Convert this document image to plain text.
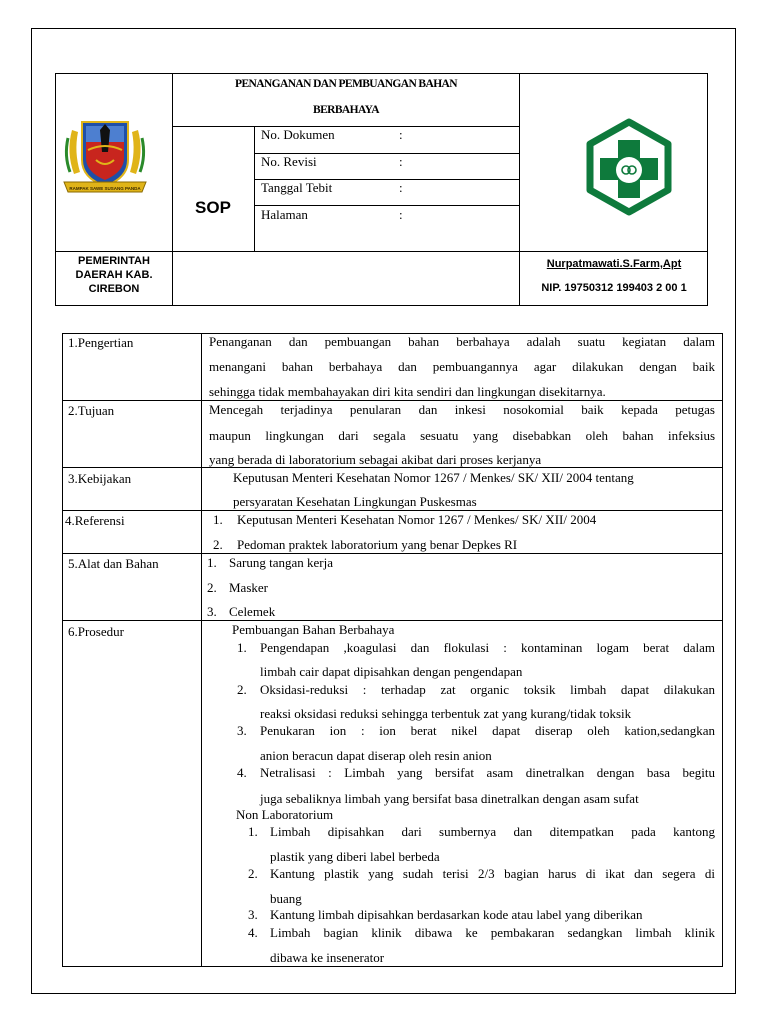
PENANGANAN DAN PEMBUANGAN BAHAN
BERBAHAYA
SOP
No. Dokumen	:
No. Revisi	:
Tanggal Tebit	:
Halaman	:
PEMERINTAH
DAERAH KAB.
CIREBON
Nurpatmawati.S.Farm,Apt
NIP. 19750312 199403 2 00 1
RAMPAK SAWE SUSANG PANDA
1.Pengertian	Penanganan dan pembuangan bahan berbahaya adalah suatu kegiatan dalam
menangani bahan berbahaya dan pembuangannya agar dilakukan dengan baik
sehingga tidak membahayakan diri kita sendiri dan lingkungan disekitarnya.
2.Tujuan	Mencegah terjadinya penularan dan inkesi nosokomial baik kepada petugas
maupun lingkungan dari segala sesuatu yang disebabkan oleh bahan infeksius
yang berada di laboratorium sebagai akibat dari proses kerjanya
3.Kebijakan	Keputusan Menteri Kesehatan Nomor 1267 / Menkes/ SK/ XII/ 2004 tentang
persyaratan Kesehatan Lingkungan Puskesmas
4.Referensi	1. Keputusan Menteri Kesehatan Nomor 1267 / Menkes/ SK/ XII/ 2004
2. Pedoman praktek laboratorium yang benar Depkes RI
5.Alat dan Bahan	1. Sarung tangan kerja
2. Masker
3. Celemek
6.Prosedur	Pembuangan Bahan Berbahaya
1. Pengendapan ,koagulasi dan flokulasi : kontaminan logam berat dalam
limbah cair dapat dipisahkan dengan pengendapan
2. Oksidasi-reduksi : terhadap zat organic toksik limbah dapat dilakukan
reaksi oksidasi reduksi sehingga terbentuk zat yang kurang/tidak toksik
3. Penukaran ion : ion berat nikel dapat diserap oleh kation,sedangkan
anion beracun dapat diserap oleh resin anion
4. Netralisasi : Limbah yang bersifat asam dinetralkan dengan basa begitu
juga sebaliknya limbah yang bersifat basa dinetralkan dengan asam sufat
Non Laboratorium
1. Limbah dipisahkan dari sumbernya dan ditempatkan pada kantong
plastik yang diberi label berbeda
2. Kantung plastik yang sudah terisi 2/3 bagian harus di ikat dan segera di
buang
3. Kantung limbah dipisahkan berdasarkan kode atau label yang diberikan
4. Limbah bagian klinik dibawa ke pembakaran sedangkan limbah klinik
dibawa ke insenerator
